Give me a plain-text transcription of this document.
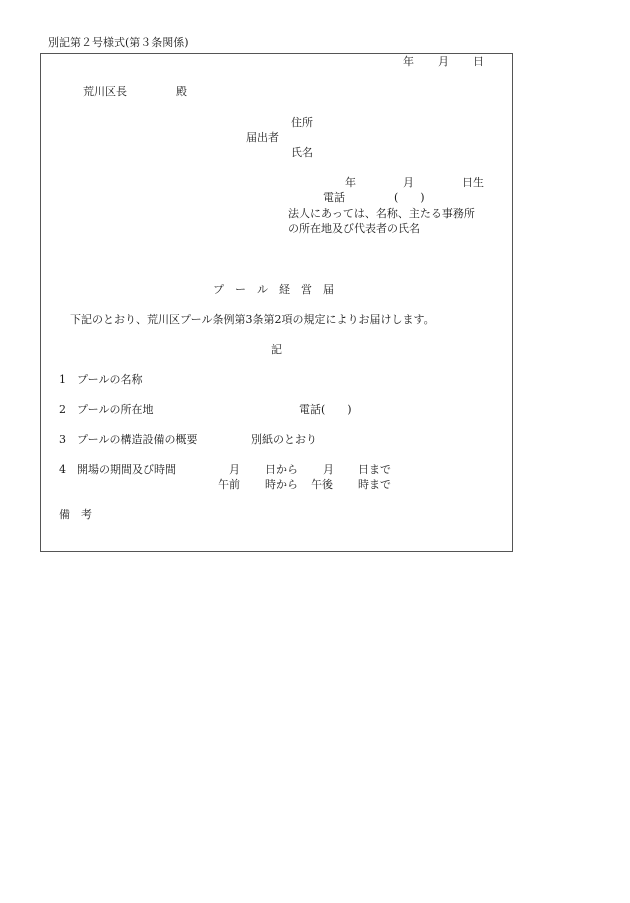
別記第２号様式(第３条関係)
年 月 日
荒川区長	殿
住所
届出者
氏名
年	月	日生
電話	(　　)
法人にあっては、名称、主たる事務所
の所在地及び代表者の氏名
プ　ー　ル　経　営　届
下記のとおり、荒川区プール条例第3条第2項の規定によりお届けします。
記
1　プールの名称
2　プールの所在地	電話(　　)
3　プールの構造設備の概要	別紙のとおり
4　開場の期間及び時間	月 日から 月 日まで
午前 時から 午後 時まで
備　考
